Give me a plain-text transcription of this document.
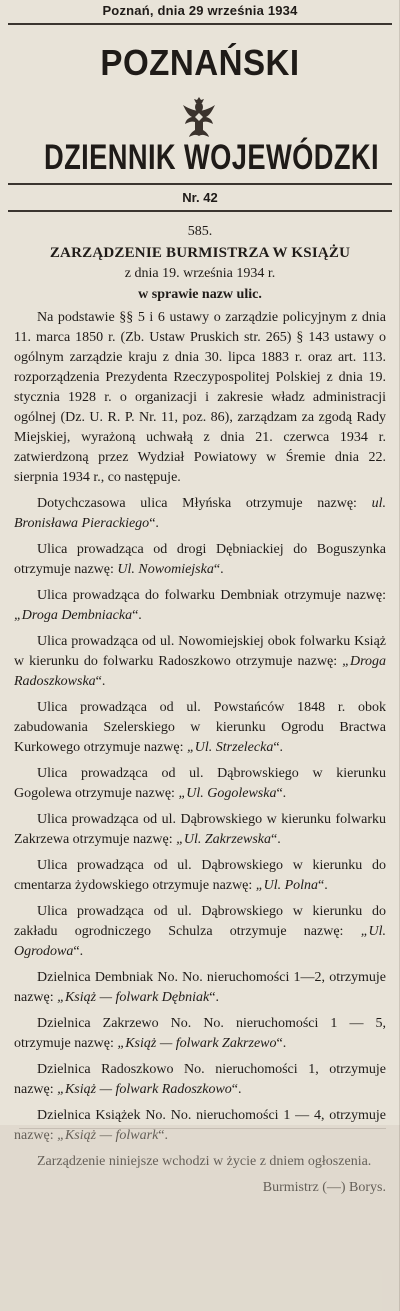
Poznań, dnia 29 września 1934
POZNAŃSKI
DZIENNIK WOJEWÓDZKI
Nr. 42
585.
ZARZĄDZENIE BURMISTRZA W KSIĄŻU
z dnia 19. września 1934 r.
w sprawie nazw ulic.

Na podstawie §§ 5 i 6 ustawy o zarządzie policyjnym z dnia 11. marca 1850 r. (Zb. Ustaw Pruskich str. 265) § 143 ustawy o ogólnym zarządzie kraju z dnia 30. lipca 1883 r. oraz art. 113. rozporządzenia Prezydenta Rzeczypospolitej Polskiej z dnia 19. stycznia 1928 r. o organizacji i zakresie władz administracji ogólnej (Dz. U. R. P. Nr. 11, poz. 86), zarządzam za zgodą Rady Miejskiej, wyrażoną uchwałą z dnia 21. czerwca 1934 r. zatwierdzoną przez Wydział Powiatowy w Śremie dnia 22. sierpnia 1934 r., co następuje.

Dotychczasowa ulica Młyńska otrzymuje nazwę: ul. Bronisława Pierackiego“.

Ulica prowadząca od drogi Dębniackiej do Boguszynka otrzymuje nazwę: Ul. Nowomiejska“.

Ulica prowadząca do folwarku Dembniak otrzymuje nazwę: „Droga Dembniacka“.

Ulica prowadząca od ul. Nowomiejskiej obok folwarku Książ w kierunku do folwarku Radoszkowo otrzymuje nazwę: „Droga Radoszkowska“.

Ulica prowadząca od ul. Powstańców 1848 r. obok zabudowania Szelerskiego w kierunku Ogrodu Bractwa Kurkowego otrzymuje nazwę: „Ul. Strzelecka“.

Ulica prowadząca od ul. Dąbrowskiego w kierunku Gogolewa otrzymuje nazwę: „Ul. Gogolewska“.

Ulica prowadząca od ul. Dąbrowskiego w kierunku folwarku Zakrzewa otrzymuje nazwę: „Ul. Zakrzewska“.

Ulica prowadząca od ul. Dąbrowskiego w kierunku do cmentarza żydowskiego otrzymuje nazwę: „Ul. Polna“.

Ulica prowadząca od ul. Dąbrowskiego w kierunku do zakładu ogrodniczego Schulza otrzymuje nazwę: „Ul. Ogrodowa“.

Dzielnica Dembniak No. No. nieruchomości 1—2, otrzymuje nazwę: „Książ — folwark Dębniak“.

Dzielnica Zakrzewo No. No. nieruchomości 1 — 5, otrzymuje nazwę: „Książ — folwark Zakrzewo“.

Dzielnica Radoszkowo No. nieruchomości 1, otrzymuje nazwę: „Książ — folwark Radoszkowo“.

Dzielnica Książek No. No. nieruchomości 1 — 4, otrzymuje nazwę: „Książ — folwark“.

Zarządzenie niniejsze wchodzi w życie z dniem ogłoszenia.

Burmistrz (—) Borys.
